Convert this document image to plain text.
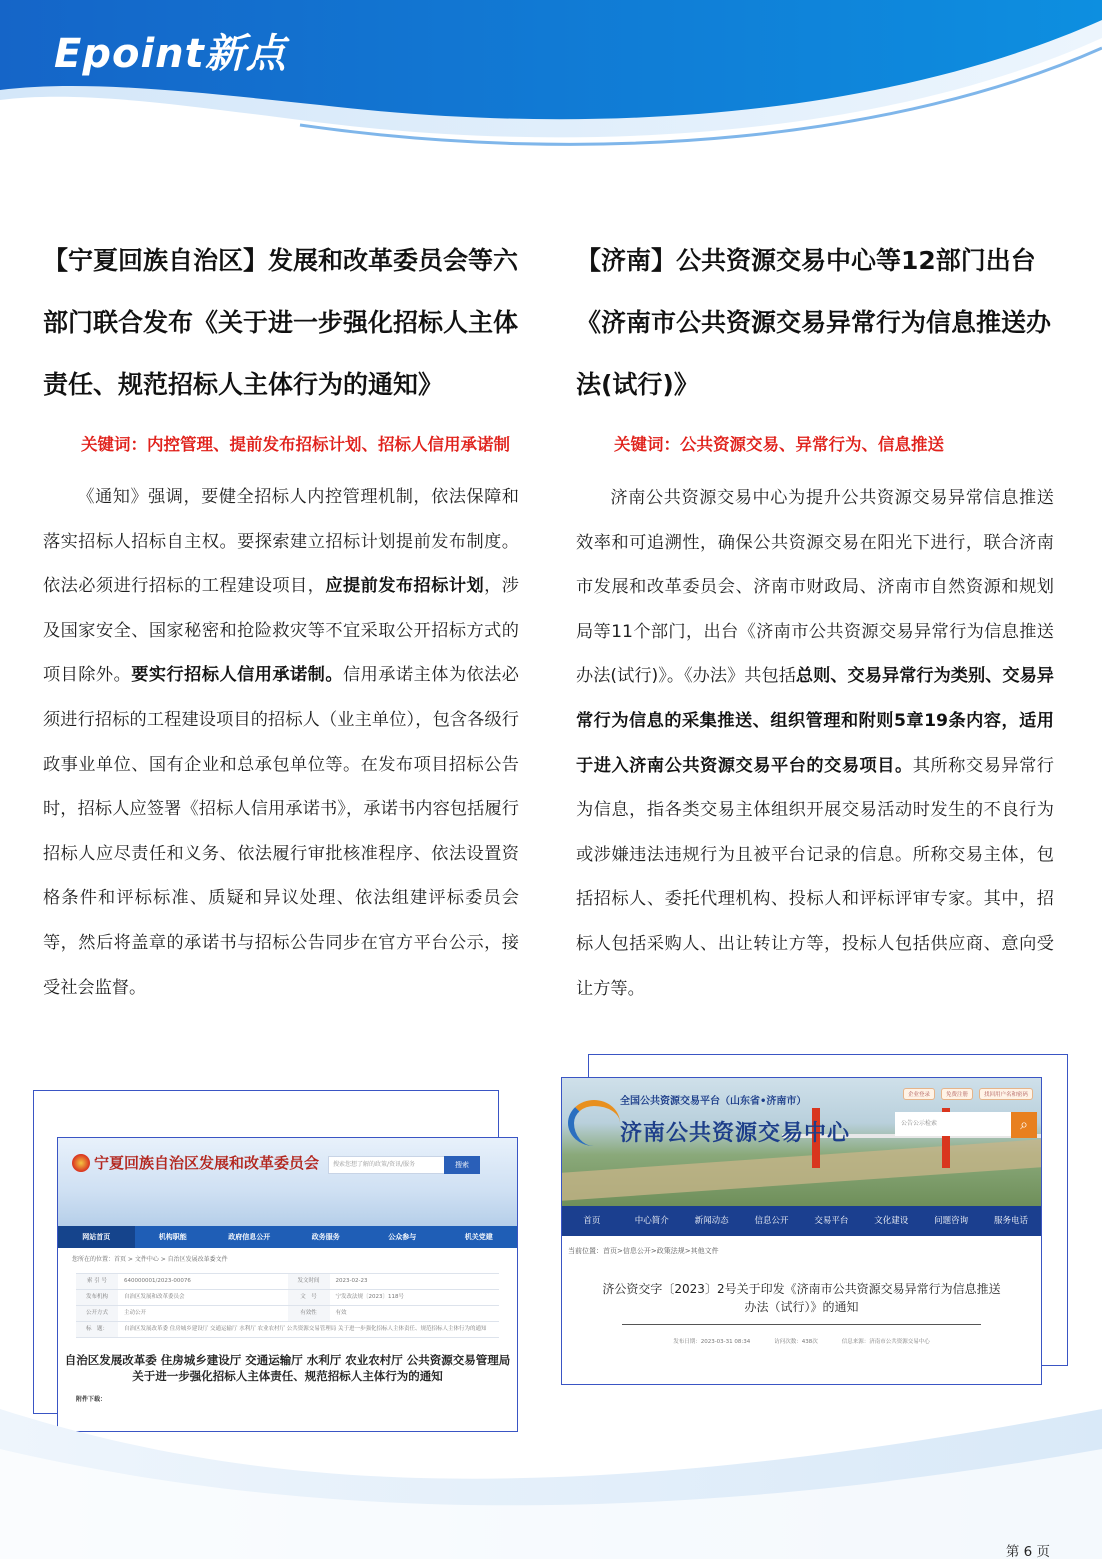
Epoint新点
【宁夏回族自治区】发展和改革委员会等六部门联合发布《关于进一步强化招标人主体责任、规范招标人主体行为的通知》

关键词：内控管理、提前发布招标计划、招标人信用承诺制

《通知》强调，要健全招标人内控管理机制，依法保障和落实招标人招标自主权。要探索建立招标计划提前发布制度。依法必须进行招标的工程建设项目，应提前发布招标计划，涉及国家安全、国家秘密和抢险救灾等不宜采取公开招标方式的项目除外。要实行招标人信用承诺制。信用承诺主体为依法必须进行招标的工程建设项目的招标人（业主单位），包含各级行政事业单位、国有企业和总承包单位等。在发布项目招标公告时，招标人应签署《招标人信用承诺书》，承诺书内容包括履行招标人应尽责任和义务、依法履行审批核准程序、依法设置资格条件和评标标准、质疑和异议处理、依法组建评标委员会等，然后将盖章的承诺书与招标公告同步在官方平台公示，接受社会监督。

【济南】公共资源交易中心等12部门出台《济南市公共资源交易异常行为信息推送办法(试行)》

关键词：公共资源交易、异常行为、信息推送

济南公共资源交易中心为提升公共资源交易异常信息推送效率和可追溯性，确保公共资源交易在阳光下进行，联合济南市发展和改革委员会、济南市财政局、济南市自然资源和规划局等11个部门，出台《济南市公共资源交易异常行为信息推送办法(试行)》。《办法》共包括总则、交易异常行为类别、交易异常行为信息的采集推送、组织管理和附则5章19条内容，适用于进入济南公共资源交易平台的交易项目。其所称交易异常行为信息，指各类交易主体组织开展交易活动时发生的不良行为或涉嫌违法违规行为且被平台记录的信息。所称交易主体，包括招标人、委托代理机构、投标人和评标评审专家。其中，招标人包括采购人、出让转让方等，投标人包括供应商、意向受让方等。

宁夏回族自治区发展和改革委员会	搜索您想了解的政策/资讯/服务	搜索
网站首页	机构职能	政府信息公开	政务服务	公众参与	机关党建
您所在的位置：首页 > 文件中心 > 自治区发展改革委文件
索 引 号	640000001/2023-00076	发文时间	2023-02-23
发布机构	自治区发展和改革委员会	文　号	宁发改法规〔2023〕118号
公开方式	主动公开	有效性	有效
标　题：	自治区发展改革委 住房城乡建设厅 交通运输厅 水利厅 农业农村厅 公共资源交易管理局 关于进一步强化招标人主体责任、规范招标人主体行为的通知
自治区发展改革委 住房城乡建设厅 交通运输厅 水利厅 农业农村厅 公共资源交易管理局
关于进一步强化招标人主体责任、规范招标人主体行为的通知
附件下载：
全国公共资源交易平台（山东省•济南市）
济南公共资源交易中心
企业登录	免费注册	找回用户名和密码
公告公示检索	⌕
首页	中心简介	新闻动态	信息公开	交易平台	文化建设	问题咨询	服务电话
当前位置：首页>信息公开>政策法规>其他文件
济公资交字〔2023〕2号关于印发《济南市公共资源交易异常行为信息推送办法（试行）》的通知
发布日期：2023-03-31 08:34	访问次数：438次	信息来源：济南市公共资源交易中心
第 6 页
